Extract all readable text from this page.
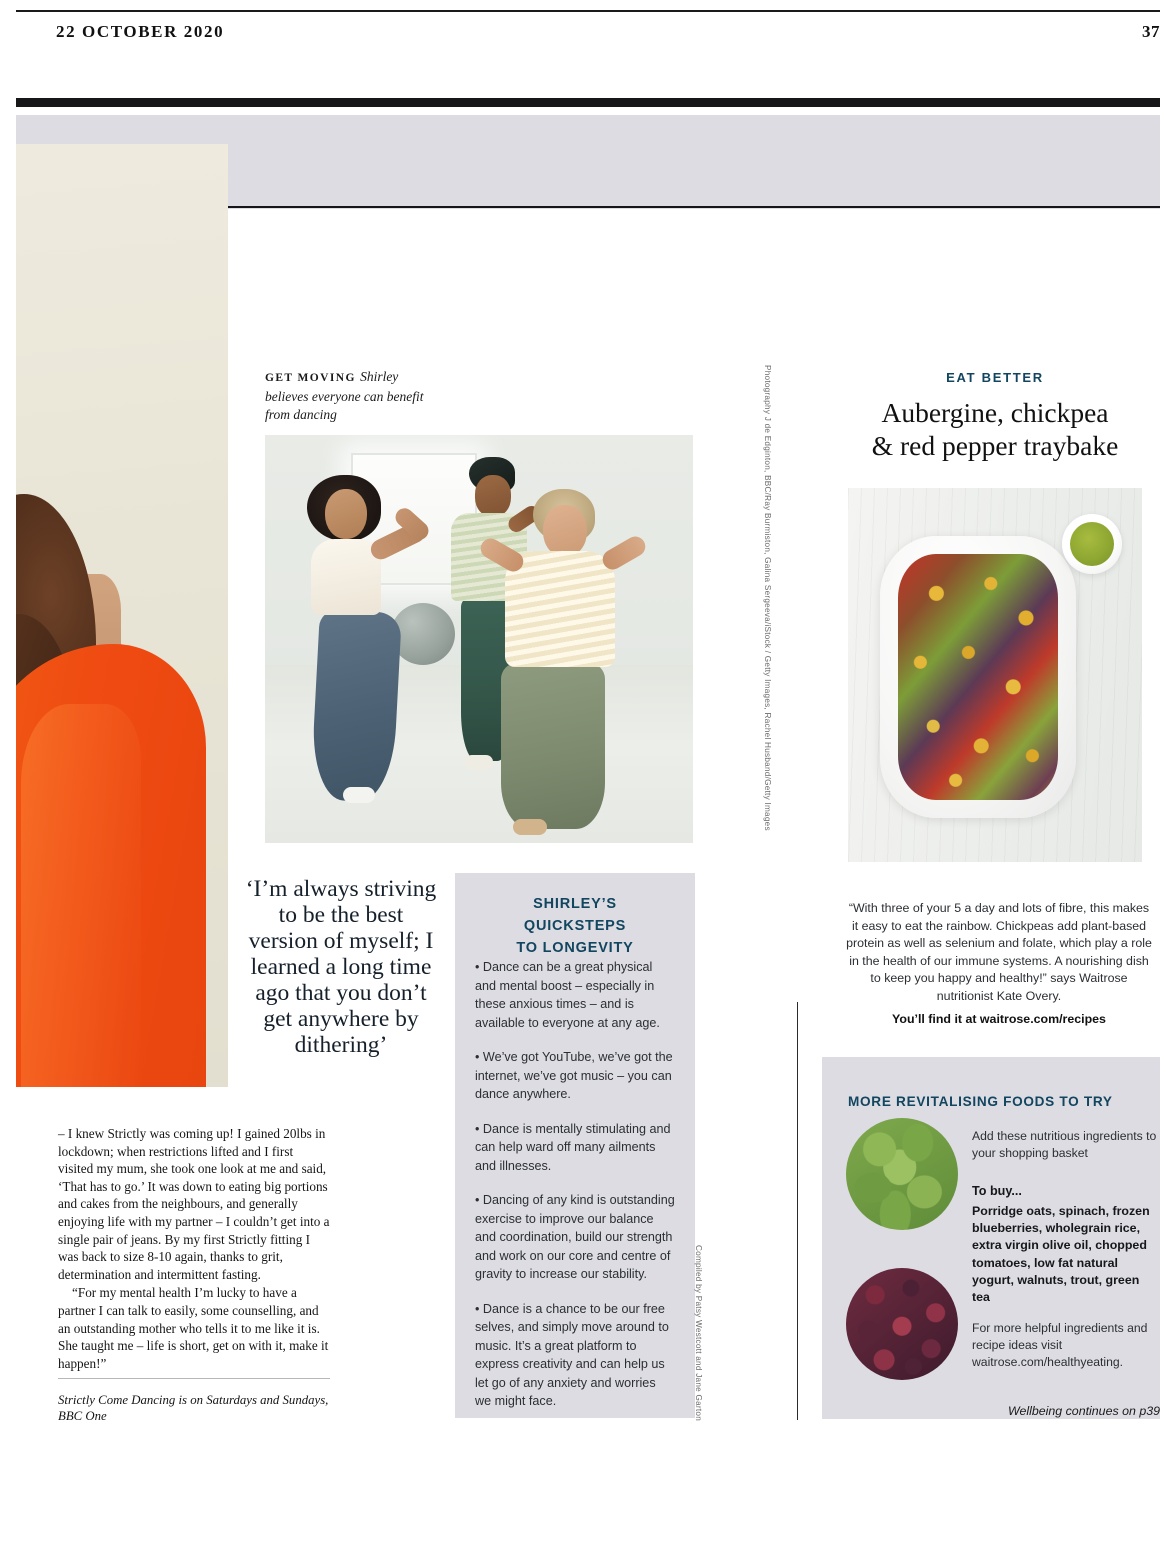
22 OCTOBER 2020	37
GET MOVING Shirley believes everyone can benefit from dancing
‘I’m always striving to be the best version of myself; I learned a long time ago that you don’t get anywhere by dithering’
SHIRLEY’S
QUICKSTEPS
TO LONGEVITY

• Dance can be a great physical and mental boost – especially in these anxious times – and is available to everyone at any age.

• We’ve got YouTube, we’ve got the internet, we’ve got music – you can dance anywhere.

• Dance is mentally stimulating and can help ward off many ailments and illnesses.

• Dancing of any kind is outstanding exercise to improve our balance and coordination, build our strength and work on our core and centre of gravity to increase our stability.

• Dance is a chance to be our free selves, and simply move around to music. It’s a great platform to express creativity and can help us let go of any anxiety and worries we might face.

– I knew Strictly was coming up! I gained 20lbs in lockdown; when restrictions lifted and I first visited my mum, she took one look at me and said, ‘That has to go.’ It was down to eating big portions and cakes from the neighbours, and generally enjoying life with my partner – I couldn’t get into a single pair of jeans. By my first Strictly fitting I was back to size 8-10 again, thanks to grit, determination and intermittent fasting.

“For my mental health I’m lucky to have a partner I can talk to easily, some counselling, and an outstanding mother who tells it to me like it is. She taught me – life is short, get on with it, make it happen!”

Strictly Come Dancing is on Saturdays and Sundays, BBC One
Photography J de Edginton, BBC/Ray Burmiston, Galina Sergeeva/iStock / Getty Images, Rachel Husband/Getty Images
Compiled by Patsy Westcott and Jane Garton
EAT BETTER
Aubergine, chickpea
& red pepper traybake
“With three of your 5 a day and lots of fibre, this makes it easy to eat the rainbow. Chickpeas add plant-based protein as well as selenium and folate, which play a role in the health of our immune systems. A nourishing dish to keep you happy and healthy!” says Waitrose nutritionist Kate Overy.
You’ll find it at waitrose.com/recipes
MORE REVITALISING FOODS TO TRY
Add these nutritious ingredients to your shopping basket
To buy...
Porridge oats, spinach, frozen blueberries, wholegrain rice, extra virgin olive oil, chopped tomatoes, low fat natural yogurt, walnuts, trout, green tea
For more helpful ingredients and recipe ideas visit waitrose.com/healthyeating.
Wellbeing continues on p39
